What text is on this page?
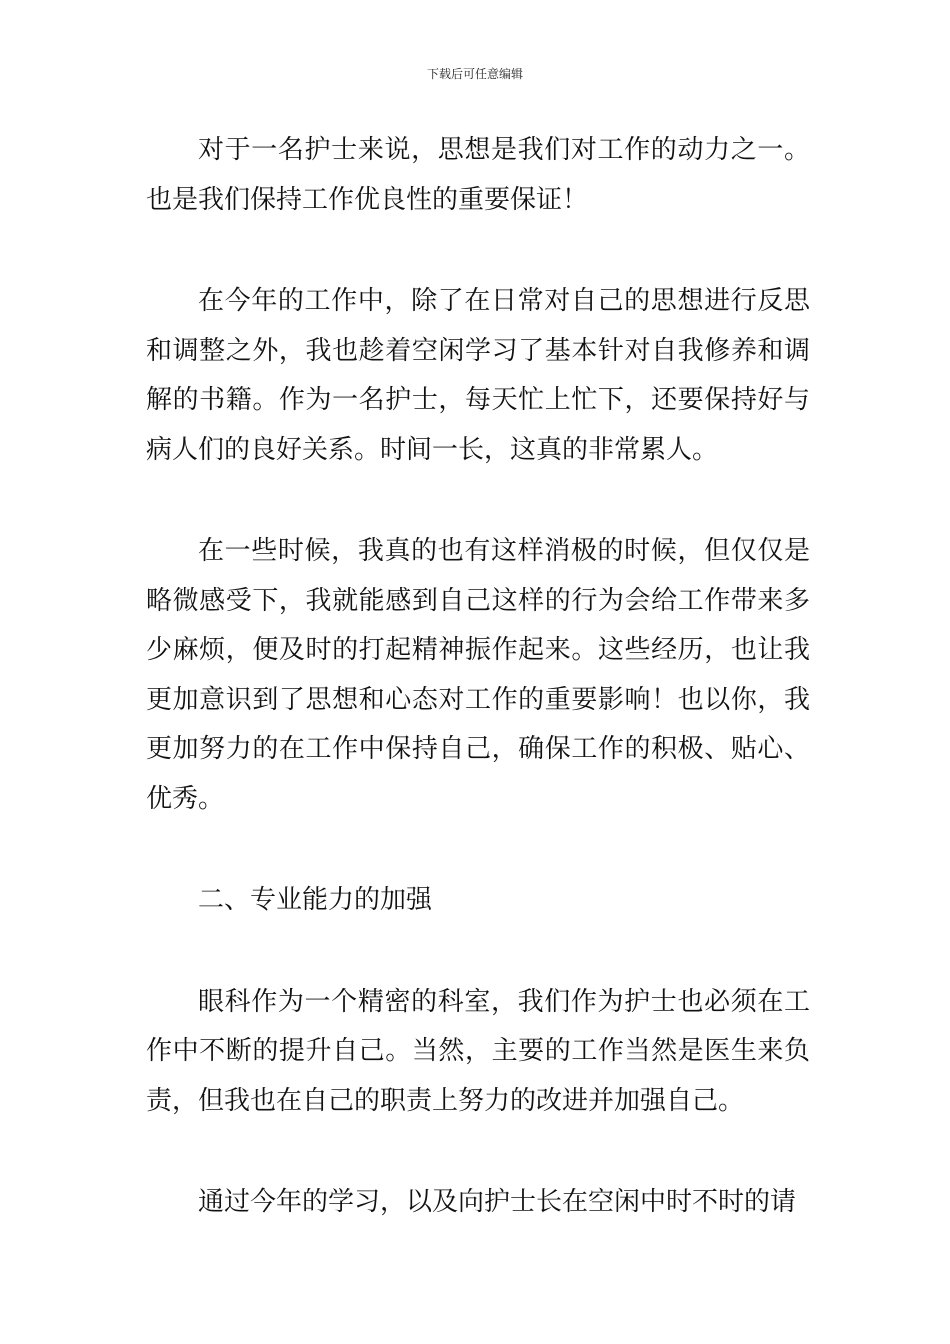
下载后可任意编辑

对于一名护士来说，思想是我们对工作的动力之一。也是我们保持工作优良性的重要保证！

在今年的工作中，除了在日常对自己的思想进行反思和调整之外，我也趁着空闲学习了基本针对自我修养和调解的书籍。作为一名护士，每天忙上忙下，还要保持好与病人们的良好关系。时间一长，这真的非常累人。

在一些时候，我真的也有这样消极的时候，但仅仅是略微感受下，我就能感到自己这样的行为会给工作带来多少麻烦，便及时的打起精神振作起来。这些经历，也让我更加意识到了思想和心态对工作的重要影响！也以你，我更加努力的在工作中保持自己，确保工作的积极、贴心、优秀。

二、专业能力的加强

眼科作为一个精密的科室，我们作为护士也必须在工作中不断的提升自己。当然，主要的工作当然是医生来负责，但我也在自己的职责上努力的改进并加强自己。

通过今年的学习，以及向护士长在空闲中时不时的请
